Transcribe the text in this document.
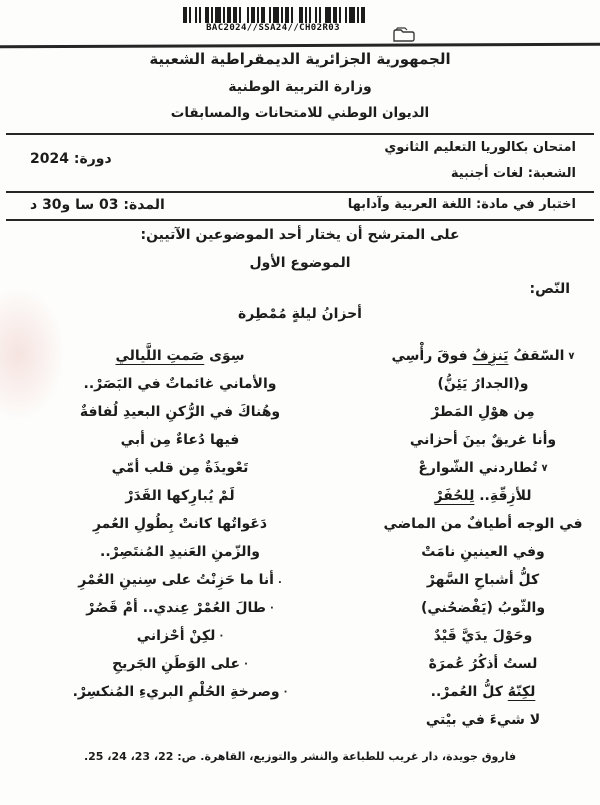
BAC2024//SSA24//CH02R03
الجمهورية الجزائرية الديمقراطية الشعبية
وزارة التربية الوطنية
الديوان الوطني للامتحانات والمسابقات
امتحان بكالوريا التعليم الثانوي
الشعبة: لغات أجنبية
دورة: 2024
اختبار في مادة: اللغة العربية وآدابها
المدة: 03 سا و30 د
على المترشح أن يختار أحد الموضوعين الآتيين:
الموضوع الأول
النّص:
أحزانُ ليلةٍ مُمْطِرة
٧السّقفُ يَنزِفُ فوقَ رأْسِي
و(الجدارُ يَئِنُّ)
مِن هوْلِ المَطرْ
وأنا غريقٌ بينَ أحزاني
٧تُطاردني الشّوارعْ
للأزِقّةِ.. لِلحُفَرْ
في الوجه أطيافٌ من الماضي
وفي العينينِ نامَتْ
كلُّ أشباحِ السَّهرْ
والثّوبُ (يَفْضحُني)
وحَوْلَ يدَيَّ قَيْدٌ
لستُ أذكُرُ عُمرَهْ
لكِنّهُ كلُّ العُمرْ..
لا شيءَ في بيْتي
سِوَى صَمتِ اللَّيالي
والأماني غائماتٌ في البَصَرْ..
وهُناكَ في الرُّكنِ البعيدِ لُفافةٌ
فيها دُعاءٌ مِن أبي
تَعْويذَةٌ مِن قلب أمّي
لَمْ يُبارِكها القَدَرْ
دَعَواتُها كانتْ بِطُولِ العُمرِ
والزّمنِ العَنيدِ المُنتَصِرْ..
.أنا ما حَزِنْتُ على سِنينِ العُمْرِ
·طالَ العُمْرْ عِندي.. أمْ قَصُرْ
·لكِنْ أحْزاني
·على الوَطَنِ الجَريحِ
·وصرخةِ الحُلْمِ البريءِ المُنكسِرْ.
فاروق جويدة، دار غريب للطباعة والنشر والتوزيع، القاهرة. ص: 22، 23، 24، 25.
